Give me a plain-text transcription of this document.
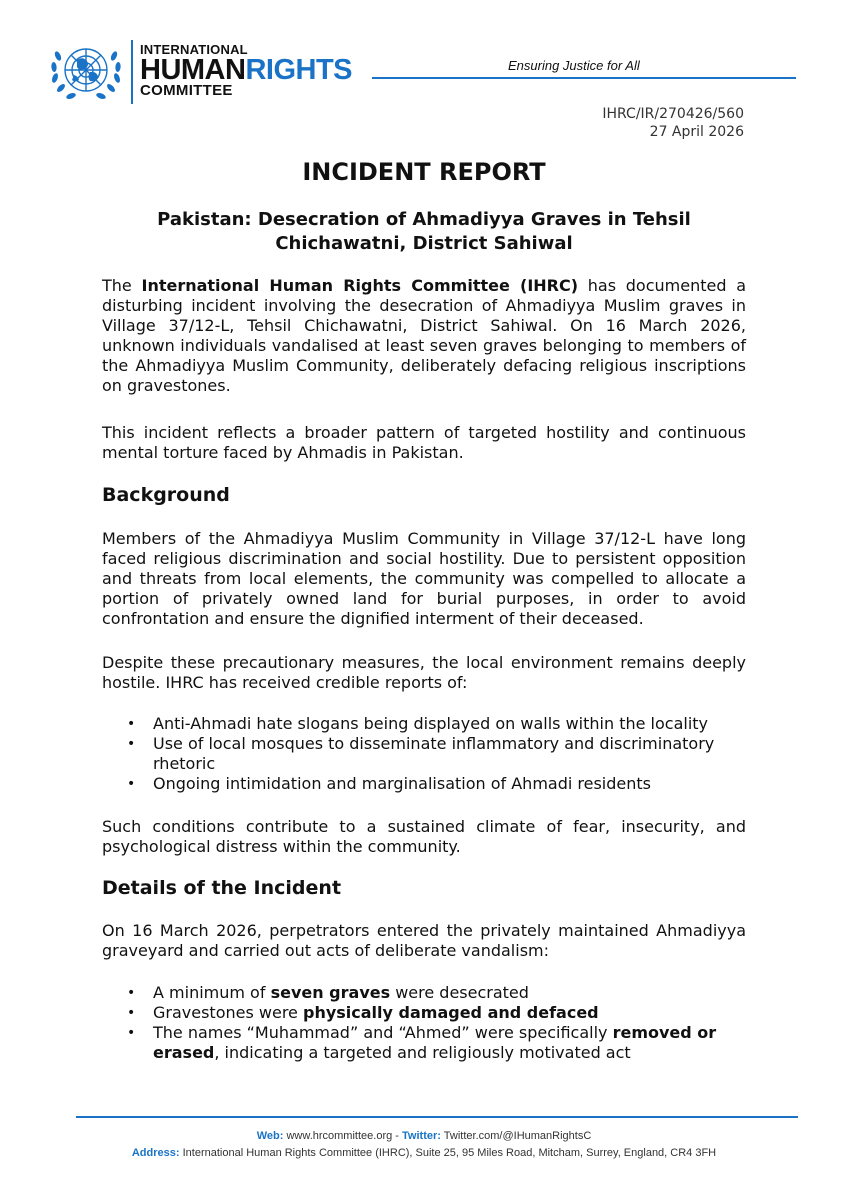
INTERNATIONAL
HUMANRIGHTS
COMMITTEE
Ensuring Justice for All
IHRC/IR/270426/560
27 April 2026
INCIDENT REPORT
Pakistan: Desecration of Ahmadiyya Graves in Tehsil
Chichawatni, District Sahiwal

The International Human Rights Committee (IHRC) has documented a disturbing incident involving the desecration of Ahmadiyya Muslim graves in Village 37/12-L, Tehsil Chichawatni, District Sahiwal. On 16 March 2026, unknown individuals vandalised at least seven graves belonging to members of the Ahmadiyya Muslim Community, deliberately defacing religious inscriptions on gravestones.

This incident reflects a broader pattern of targeted hostility and continuous mental torture faced by Ahmadis in Pakistan.

Background

Members of the Ahmadiyya Muslim Community in Village 37/12-L have long faced religious discrimination and social hostility. Due to persistent opposition and threats from local elements, the community was compelled to allocate a portion of privately owned land for burial purposes, in order to avoid confrontation and ensure the dignified interment of their deceased.

Despite these precautionary measures, the local environment remains deeply hostile. IHRC has received credible reports of:

• Anti-Ahmadi hate slogans being displayed on walls within the locality
• Use of local mosques to disseminate inflammatory and discriminatory rhetoric
• Ongoing intimidation and marginalisation of Ahmadi residents

Such conditions contribute to a sustained climate of fear, insecurity, and psychological distress within the community.

Details of the Incident

On 16 March 2026, perpetrators entered the privately maintained Ahmadiyya graveyard and carried out acts of deliberate vandalism:

• A minimum of seven graves were desecrated
• Gravestones were physically damaged and defaced
• The names “Muhammad” and “Ahmed” were specifically removed or erased, indicating a targeted and religiously motivated act
Web: www.hrcommittee.org - Twitter: Twitter.com/@IHumanRightsC
Address: International Human Rights Committee (IHRC), Suite 25, 95 Miles Road, Mitcham, Surrey, England, CR4 3FH
